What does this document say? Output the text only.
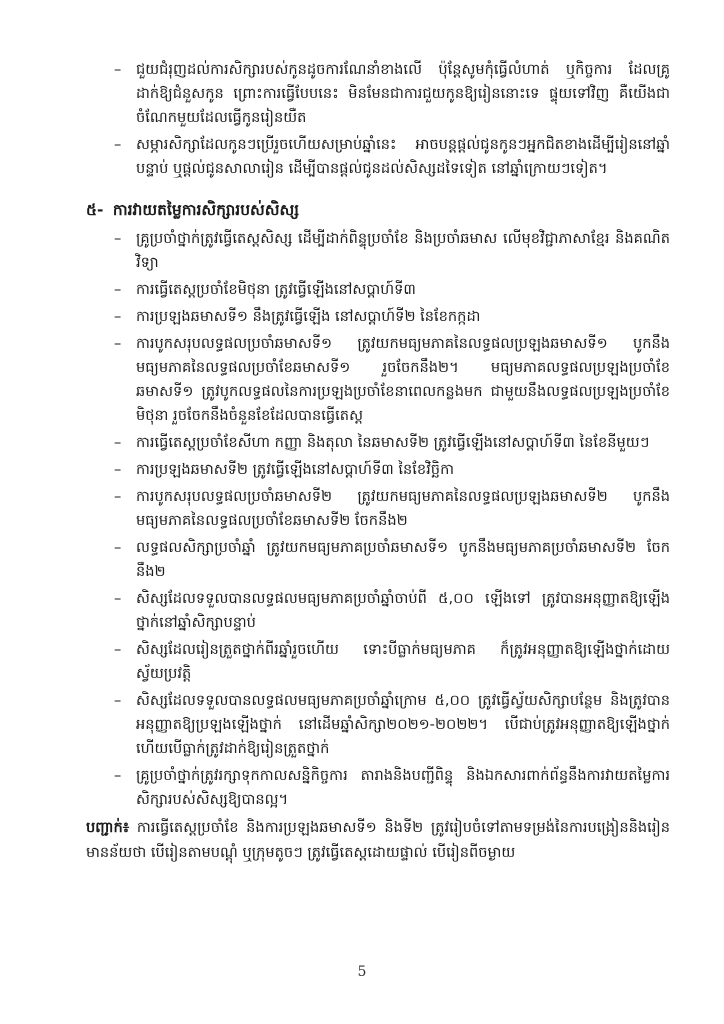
–	ជួយជំរុញដល់ការសិក្សារបស់កូនដូចការណែនាំខាងលើ ប៉ុន្តែសូមកុំធ្វើលំហាត់ ឬកិច្ចការ ដែលគ្រូដាក់ឱ្យជំនួសកូន ព្រោះការធ្វើបែបនេះ មិនមែនជាការជួយកូនឱ្យរៀននោះទេ ផ្ទុយទៅវិញ គឺយើងជាចំណែកមួយដែលធ្វើកូនរៀនយឺត
–	សម្ភារសិក្សាដែលកូនៗប្រើរួចហើយសម្រាប់ឆ្នាំនេះ អាចបន្តផ្តល់ជូនកូនៗអ្នកជិតខាងដើម្បីរៀននៅឆ្នាំបន្ទាប់ ឬផ្តល់ជូនសាលារៀន ដើម្បីបានផ្តល់ជូនដល់សិស្សដទៃទៀត នៅឆ្នាំក្រោយៗទៀត។
៥- ការវាយតម្លៃការសិក្សារបស់សិស្ស
–	គ្រូប្រចាំថ្នាក់ត្រូវធ្វើតេស្តសិស្ស ដើម្បីដាក់ពិន្ទុប្រចាំខែ និងប្រចាំឆមាស លើមុខវិជ្ជាភាសាខ្មែរ និងគណិតវិទ្យា
–	ការធ្វើតេស្តប្រចាំខែមិថុនា ត្រូវធ្វើឡើងនៅសប្តាហ៍ទី៣
–	ការប្រឡងឆមាសទី១ នឹងត្រូវធ្វើឡើង នៅសប្តាហ៍ទី២ នៃខែកក្កដា
–	ការបូកសរុបលទ្ធផលប្រចាំឆមាសទី១ ត្រូវយកមធ្យមភាគនៃលទ្ធផលប្រឡងឆមាសទី១ បូកនឹងមធ្យមភាគនៃលទ្ធផលប្រចាំខែឆមាសទី១ រួចចែកនឹង២។ មធ្យមភាគលទ្ធផលប្រឡងប្រចាំខែឆមាសទី១ ត្រូវបូកលទ្ធផលនៃការប្រឡងប្រចាំខែនាពេលកន្លងមក ជាមួយនឹងលទ្ធផលប្រឡងប្រចាំខែមិថុនា រួចចែកនឹងចំនួនខែដែលបានធ្វើតេស្ត
–	ការធ្វើតេស្តប្រចាំខែសីហា កញ្ញា និងតុលា នៃឆមាសទី២ ត្រូវធ្វើឡើងនៅសប្តាហ៍ទី៣ នៃខែនីមួយៗ
–	ការប្រឡងឆមាសទី២ ត្រូវធ្វើឡើងនៅសប្តាហ៍ទី៣ នៃខែវិច្ឆិកា
–	ការបូកសរុបលទ្ធផលប្រចាំឆមាសទី២ ត្រូវយកមធ្យមភាគនៃលទ្ធផលប្រឡងឆមាសទី២ បូកនឹងមធ្យមភាគនៃលទ្ធផលប្រចាំខែឆមាសទី២ ចែកនឹង២
–	លទ្ធផលសិក្សាប្រចាំឆ្នាំ ត្រូវយកមធ្យមភាគប្រចាំឆមាសទី១ បូកនឹងមធ្យមភាគប្រចាំឆមាសទី២ ចែកនឹង២
–	សិស្សដែលទទួលបានលទ្ធផលមធ្យមភាគប្រចាំឆ្នាំចាប់ពី ៥,០០ ឡើងទៅ ត្រូវបានអនុញ្ញាតឱ្យឡើងថ្នាក់នៅឆ្នាំសិក្សាបន្ទាប់
–	សិស្សដែលរៀនត្រួតថ្នាក់ពីរឆ្នាំរួចហើយ ទោះបីធ្លាក់មធ្យមភាគ ក៏ត្រូវអនុញ្ញាតឱ្យឡើងថ្នាក់ដោយស្វ័យប្រវត្តិ
–	សិស្សដែលទទួលបានលទ្ធផលមធ្យមភាគប្រចាំឆ្នាំក្រោម ៥,០០ ត្រូវធ្វើស្វ័យសិក្សាបន្ថែម និងត្រូវបានអនុញ្ញាតឱ្យប្រឡងឡើងថ្នាក់ នៅដើមឆ្នាំសិក្សា២០២១-២០២២។ បើជាប់ត្រូវអនុញ្ញាតឱ្យឡើងថ្នាក់ ហើយបើធ្លាក់ត្រូវដាក់ឱ្យរៀនត្រួតថ្នាក់
–	គ្រូប្រចាំថ្នាក់ត្រូវរក្សាទុកកាលសន្និកិច្ចការ តារាងនិងបញ្ជីពិន្ទុ និងឯកសារពាក់ព័ន្ធនឹងការវាយតម្លៃការសិក្សារបស់សិស្សឱ្យបានល្អ។
បញ្ជាក់៖ ការធ្វើតេស្តប្រចាំខែ និងការប្រឡងឆមាសទី១ និងទី២ ត្រូវរៀបចំទៅតាមទម្រង់នៃការបង្រៀននិងរៀន មានន័យថា បើរៀនតាមបណ្តុំ ឬក្រុមតូចៗ ត្រូវធ្វើតេស្តដោយផ្ទាល់ បើរៀនពីចម្ងាយ
5
